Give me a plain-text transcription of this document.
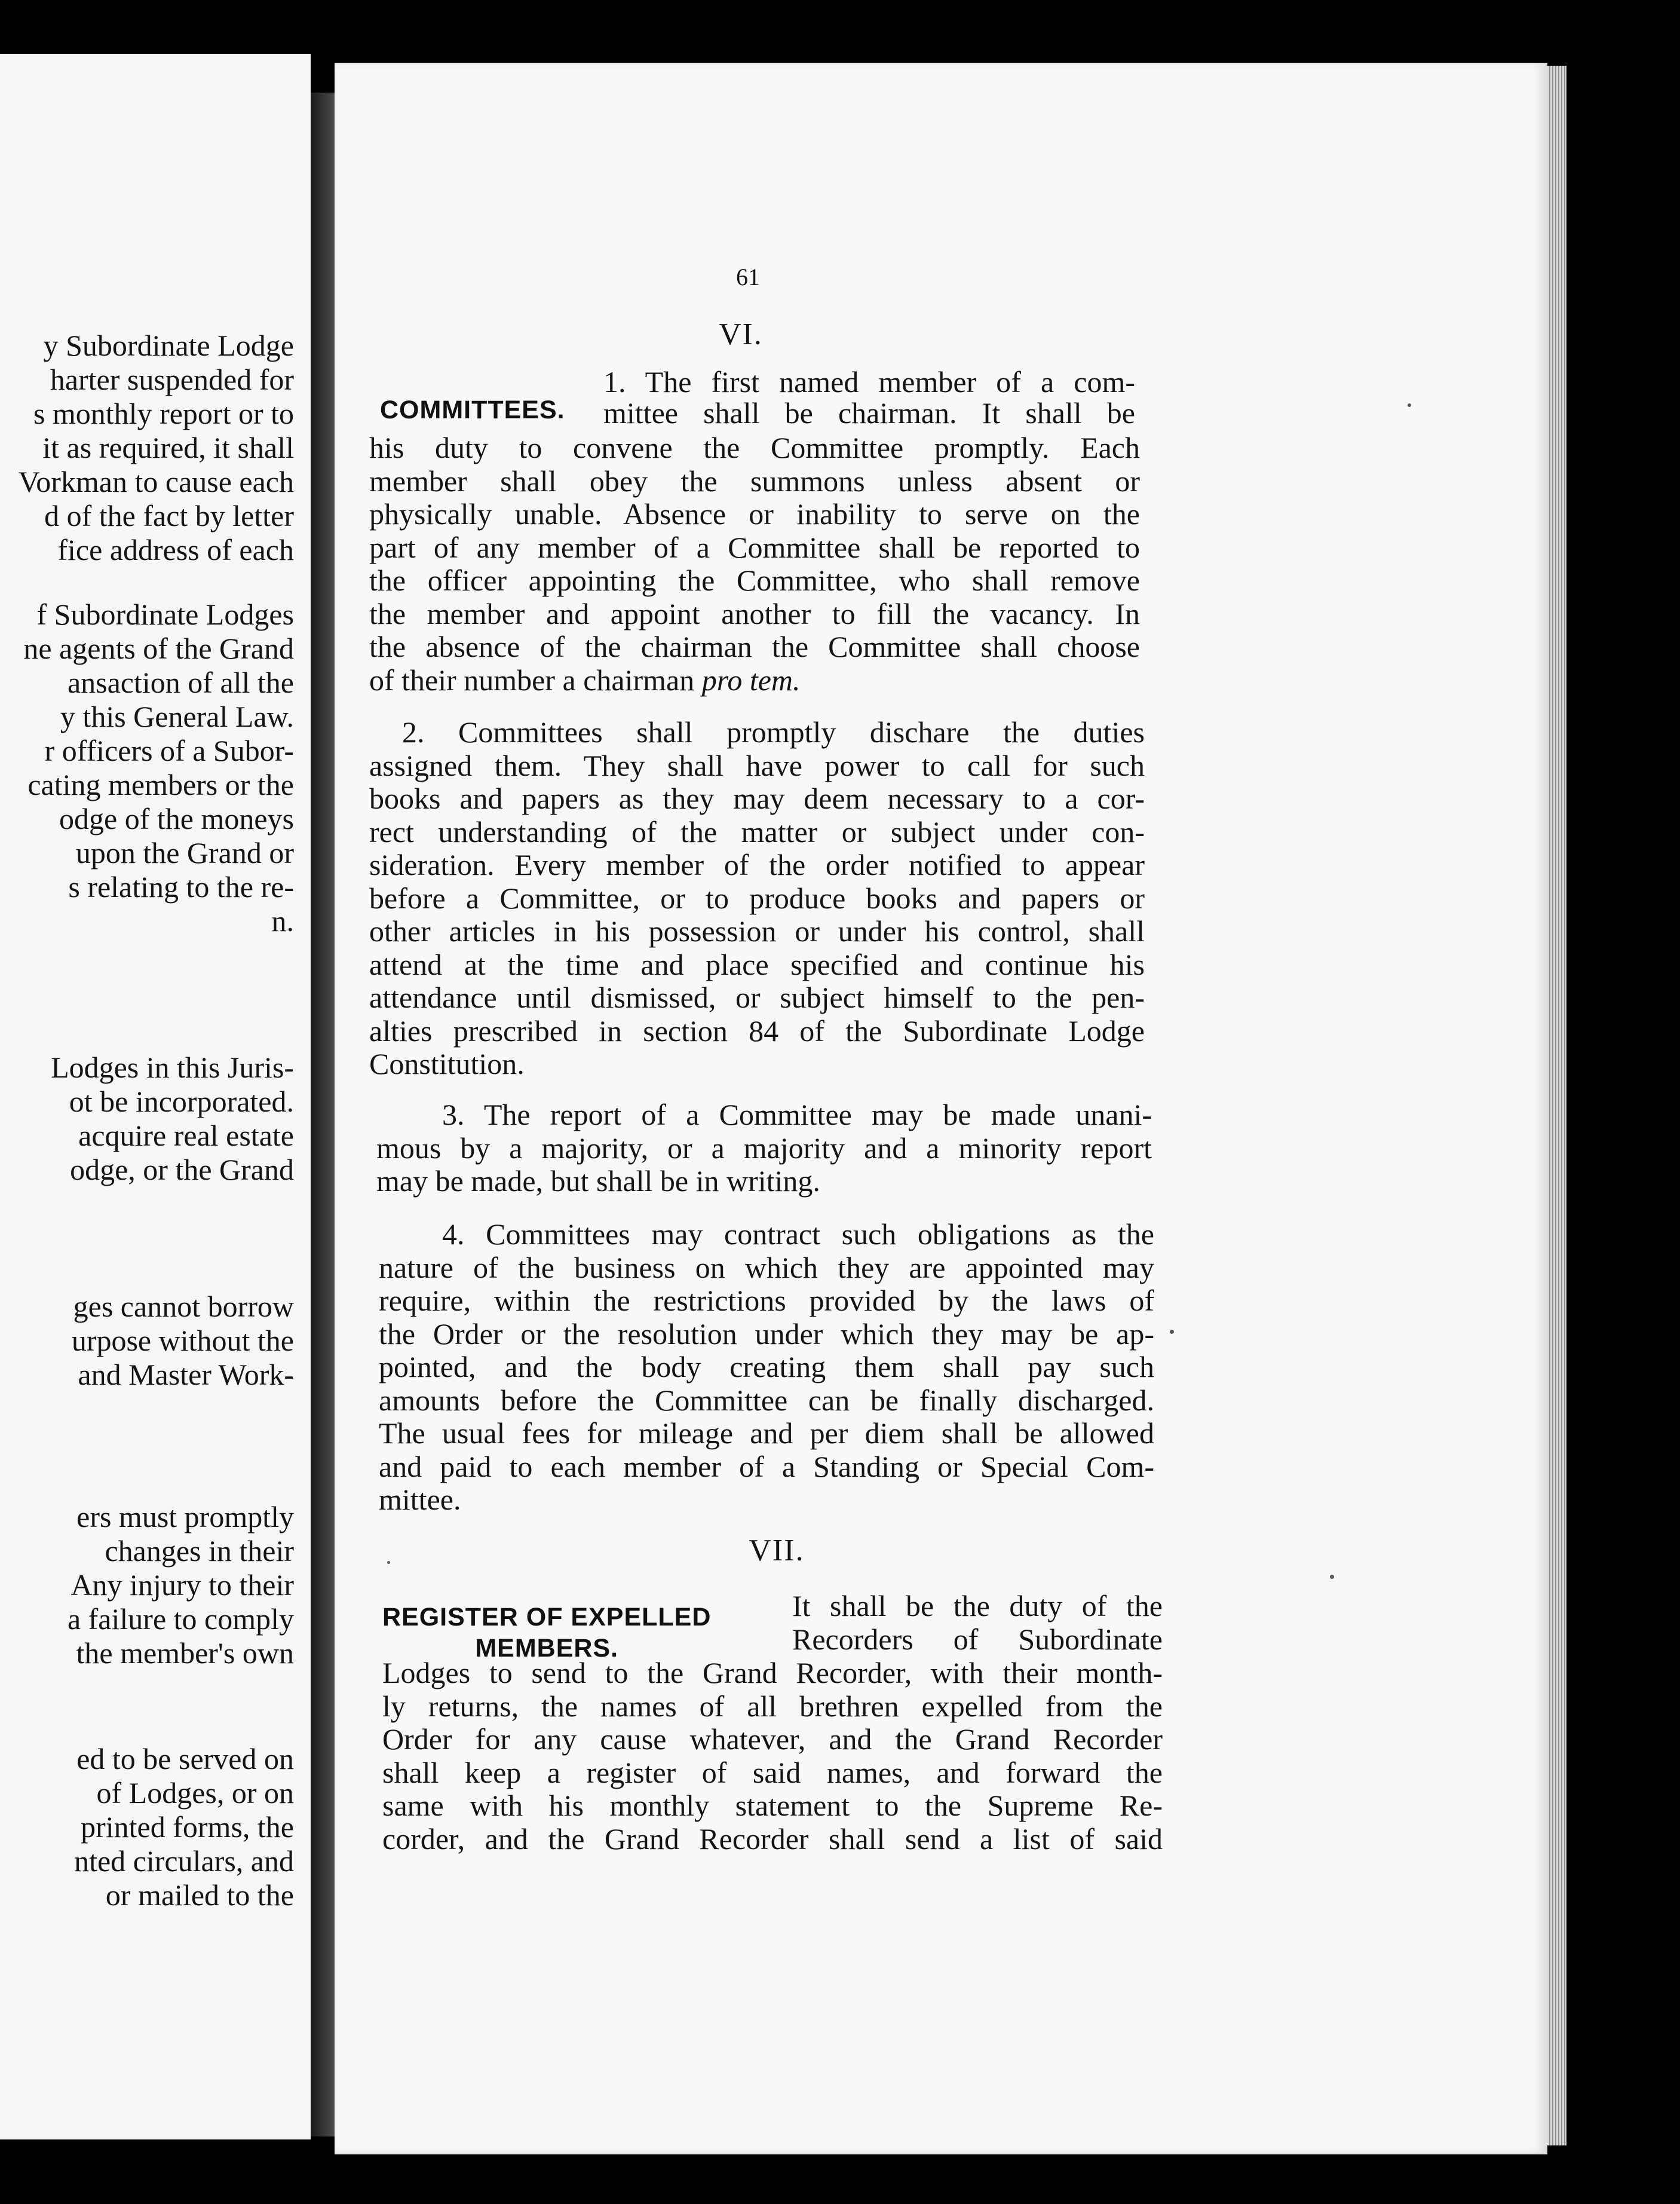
y Subordinate Lodge
harter suspended for
s monthly report or to
it as required, it shall
Vorkman to cause each
d of the fact by letter
fice address of each
f Subordinate Lodges
ne agents of the Grand
ansaction of all the
y this General Law.
r officers of a Subor-
cating members or the
odge of the moneys
upon the Grand or
s relating to the re-
n.
Lodges in this Juris-
ot be incorporated.
acquire real estate
odge, or the Grand
ges cannot borrow
urpose without the
and Master Work-
ers must promptly
changes in their
Any injury to their
a failure to comply
the member's own
ed to be served on
of Lodges, or on
printed forms, the
nted circulars, and
or mailed to the
61
VI.
COMMITTEES.
1. The first named member of a com-
mittee shall be chairman. It shall be
his duty to convene the Committee promptly. Each
member shall obey the summons unless absent or
physically unable. Absence or inability to serve on the
part of any member of a Committee shall be reported to
the officer appointing the Committee, who shall remove
the member and appoint another to fill the vacancy. In
the absence of the chairman the Committee shall choose
of their number a chairman pro tem.
2. Committees shall promptly dischare the duties
assigned them. They shall have power to call for such
books and papers as they may deem necessary to a cor-
rect understanding of the matter or subject under con-
sideration. Every member of the order notified to appear
before a Committee, or to produce books and papers or
other articles in his possession or under his control, shall
attend at the time and place specified and continue his
attendance until dismissed, or subject himself to the pen-
alties prescribed in section 84 of the Subordinate Lodge
Constitution.
3. The report of a Committee may be made unani-
mous by a majority, or a majority and a minority report
may be made, but shall be in writing.
4. Committees may contract such obligations as the
nature of the business on which they are appointed may
require, within the restrictions provided by the laws of
the Order or the resolution under which they may be ap-
pointed, and the body creating them shall pay such
amounts before the Committee can be finally discharged.
The usual fees for mileage and per diem shall be allowed
and paid to each member of a Standing or Special Com-
mittee.
VII.
REGISTER OF EXPELLED
MEMBERS.
It shall be the duty of the
Recorders of Subordinate
Lodges to send to the Grand Recorder, with their month-
ly returns, the names of all brethren expelled from the
Order for any cause whatever, and the Grand Recorder
shall keep a register of said names, and forward the
same with his monthly statement to the Supreme Re-
corder, and the Grand Recorder shall send a list of said
